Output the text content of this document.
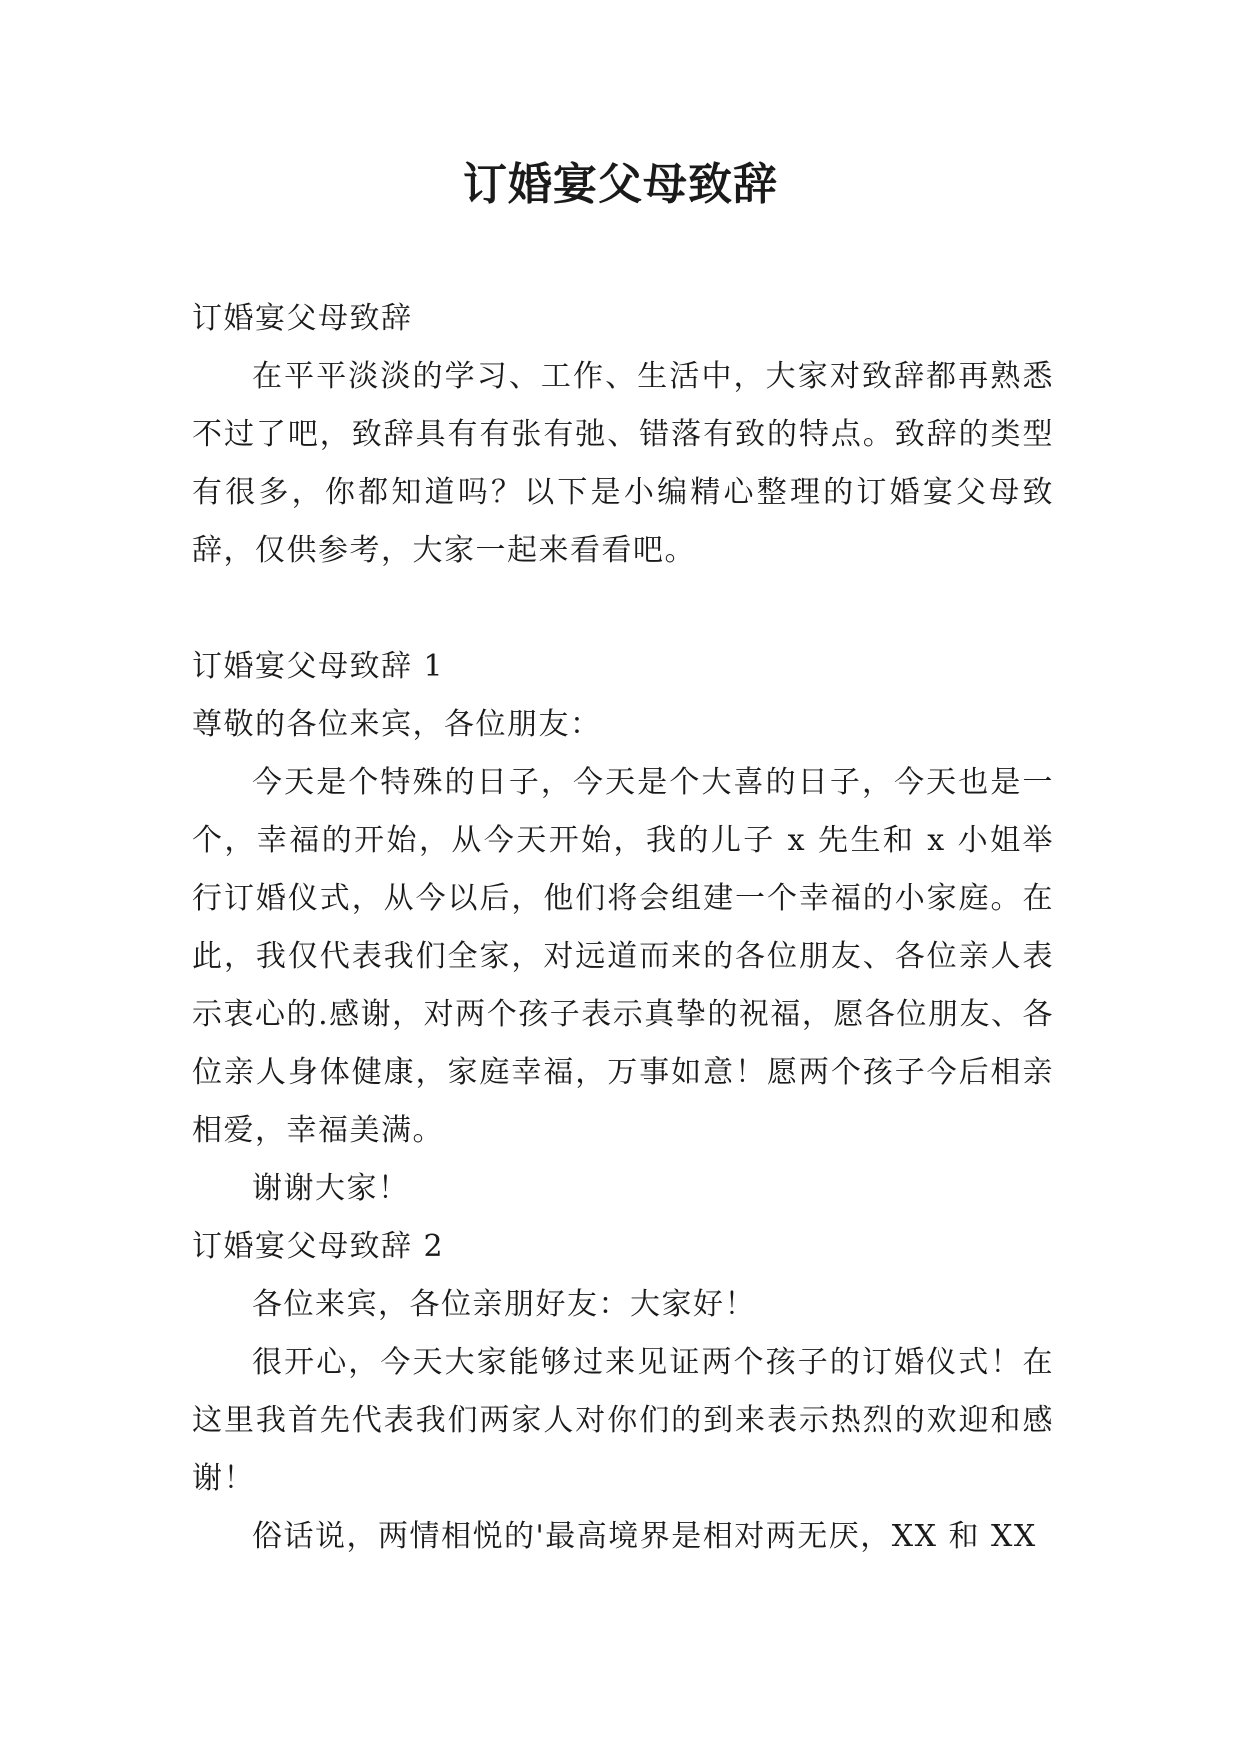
订婚宴父母致辞

订婚宴父母致辞

在平平淡淡的学习、工作、生活中，大家对致辞都再熟悉不过了吧，致辞具有有张有弛、错落有致的特点。致辞的类型有很多，你都知道吗？以下是小编精心整理的订婚宴父母致辞，仅供参考，大家一起来看看吧。

订婚宴父母致辞 1

尊敬的各位来宾，各位朋友：

今天是个特殊的日子，今天是个大喜的日子，今天也是一个，幸福的开始，从今天开始，我的儿子 x 先生和 x 小姐举行订婚仪式，从今以后，他们将会组建一个幸福的小家庭。在此，我仅代表我们全家，对远道而来的各位朋友、各位亲人表示衷心的.感谢，对两个孩子表示真挚的祝福，愿各位朋友、各位亲人身体健康，家庭幸福，万事如意！愿两个孩子今后相亲相爱，幸福美满。

谢谢大家！

订婚宴父母致辞 2

各位来宾，各位亲朋好友：大家好！

很开心，今天大家能够过来见证两个孩子的订婚仪式！在这里我首先代表我们两家人对你们的到来表示热烈的欢迎和感谢！

俗话说，两情相悦的'最高境界是相对两无厌，XX 和 XX
